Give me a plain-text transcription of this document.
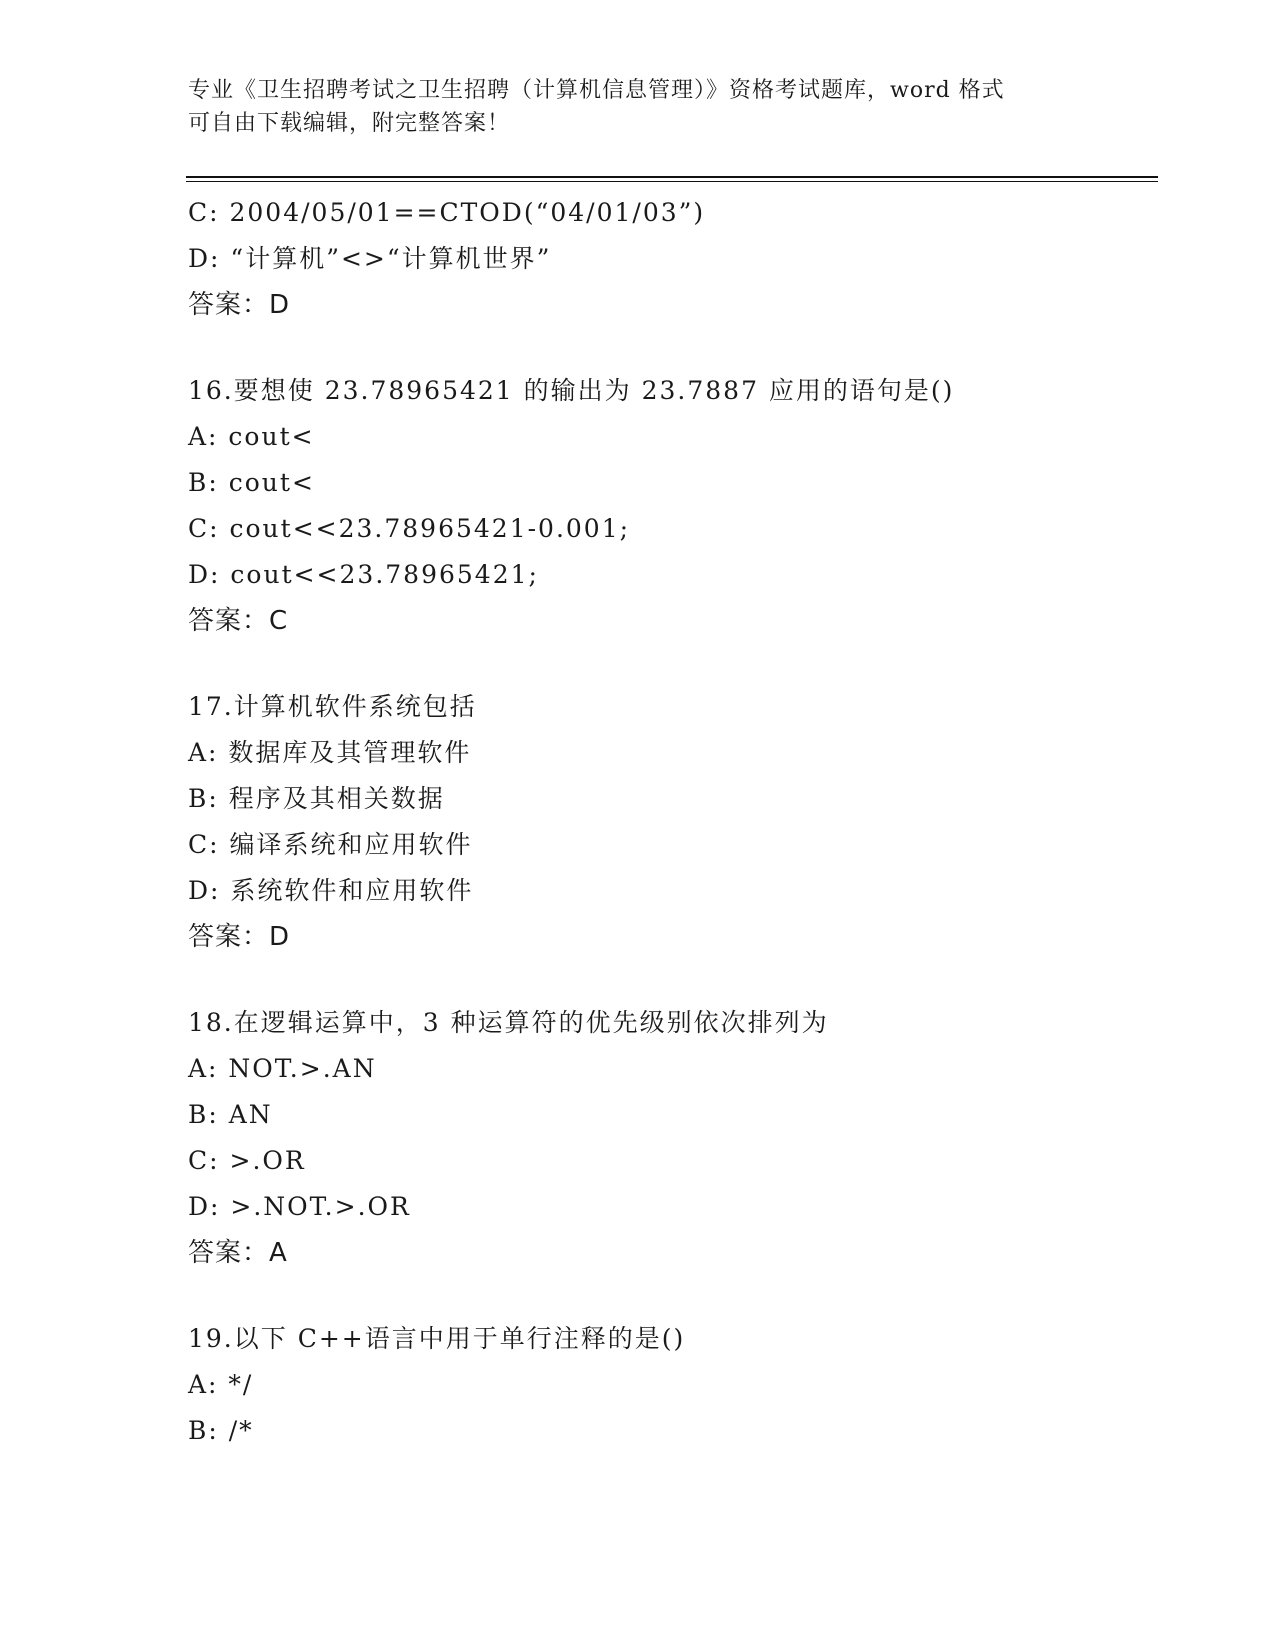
专业《卫生招聘考试之卫生招聘（计算机信息管理）》资格考试题库，word 格式
可自由下载编辑，附完整答案！
C: 2004/05/01==CTOD(“04/01/03”)
D: “计算机”<>“计算机世界”
答案：D
16.要想使 23.78965421 的输出为 23.7887 应用的语句是()
A: cout<
B: cout<
C: cout<<23.78965421-0.001;
D: cout<<23.78965421;
答案：C
17.计算机软件系统包括
A: 数据库及其管理软件
B: 程序及其相关数据
C: 编译系统和应用软件
D: 系统软件和应用软件
答案：D
18.在逻辑运算中，3 种运算符的优先级别依次排列为
A: NOT.>.AN
B: AN
C: >.OR
D: >.NOT.>.OR
答案：A
19.以下 C++语言中用于单行注释的是()
A: */
B: /*
